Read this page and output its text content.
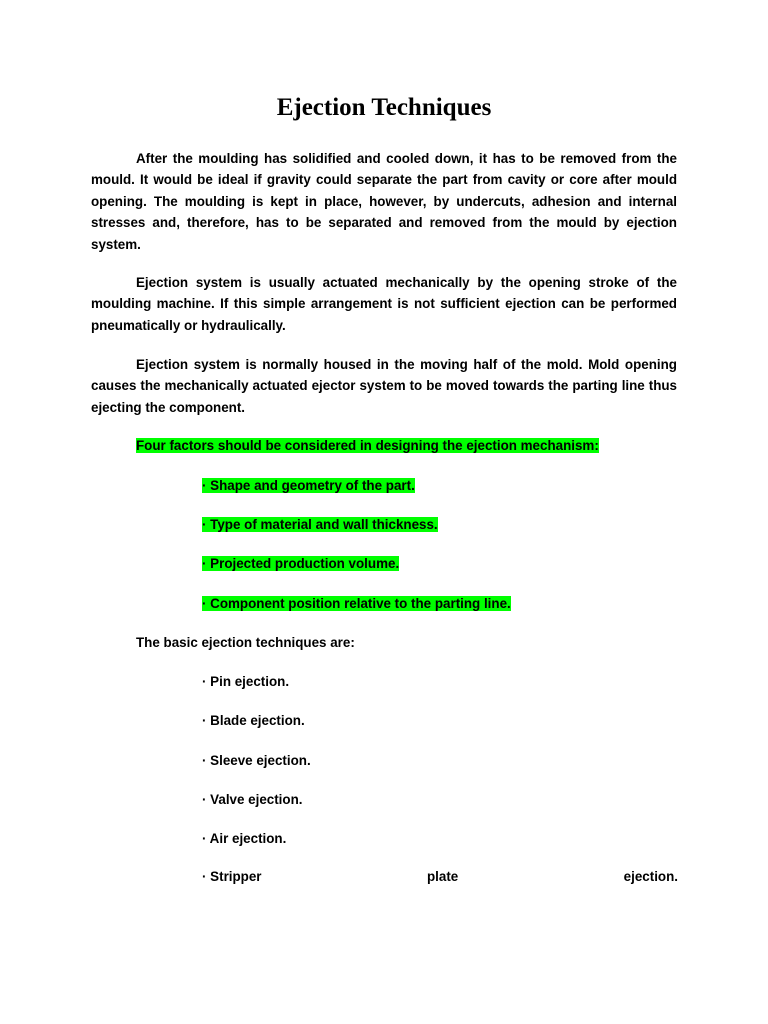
Ejection Techniques

After the moulding has solidified and cooled down, it has to be removed from the mould. It would be ideal if gravity could separate the part from cavity or core after mould opening. The moulding is kept in place, however, by undercuts, adhesion and internal stresses and, therefore, has to be separated and removed from the mould by ejection system.

Ejection system is usually actuated mechanically by the opening stroke of the moulding machine. If this simple arrangement is not sufficient ejection can be performed pneumatically or hydraulically.

Ejection system is normally housed in the moving half of the mold. Mold opening causes the mechanically actuated ejector system to be moved towards the parting line thus ejecting the component.

Four factors should be considered in designing the ejection mechanism:
· Shape and geometry of the part.
· Type of material and wall thickness.
· Projected production volume.
· Component position relative to the parting line.
The basic ejection techniques are:
· Pin ejection.
· Blade ejection.
· Sleeve ejection.
· Valve ejection.
· Air ejection.
· Stripper	plate	ejection.
